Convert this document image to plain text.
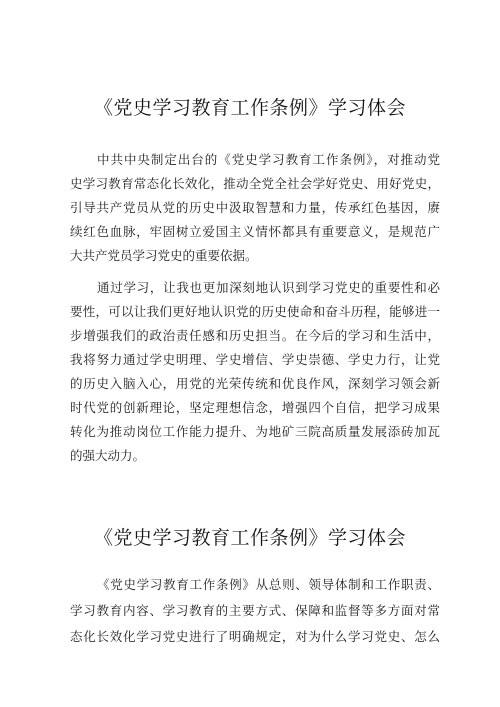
《党史学习教育工作条例》学习体会
中共中央制定出台的《党史学习教育工作条例》，对推动党
史学习教育常态化长效化，推动全党全社会学好党史、用好党史，
引导共产党员从党的历史中汲取智慧和力量，传承红色基因，赓
续红色血脉，牢固树立爱国主义情怀都具有重要意义，是规范广
大共产党员学习党史的重要依据。
通过学习，让我也更加深刻地认识到学习党史的重要性和必
要性，可以让我们更好地认识党的历史使命和奋斗历程，能够进一
步增强我们的政治责任感和历史担当。在今后的学习和生活中，
我将努力通过学史明理、学史增信、学史崇德、学史力行，让党
的历史入脑入心，用党的光荣传统和优良作风，深刻学习领会新
时代党的创新理论，坚定理想信念，增强四个自信，把学习成果
转化为推动岗位工作能力提升、为地矿三院高质量发展添砖加瓦
的强大动力。
《党史学习教育工作条例》学习体会
《党史学习教育工作条例》从总则、领导体制和工作职责、
学习教育内容、学习教育的主要方式、保障和监督等多方面对常
态化长效化学习党史进行了明确规定，对为什么学习党史、怎么
